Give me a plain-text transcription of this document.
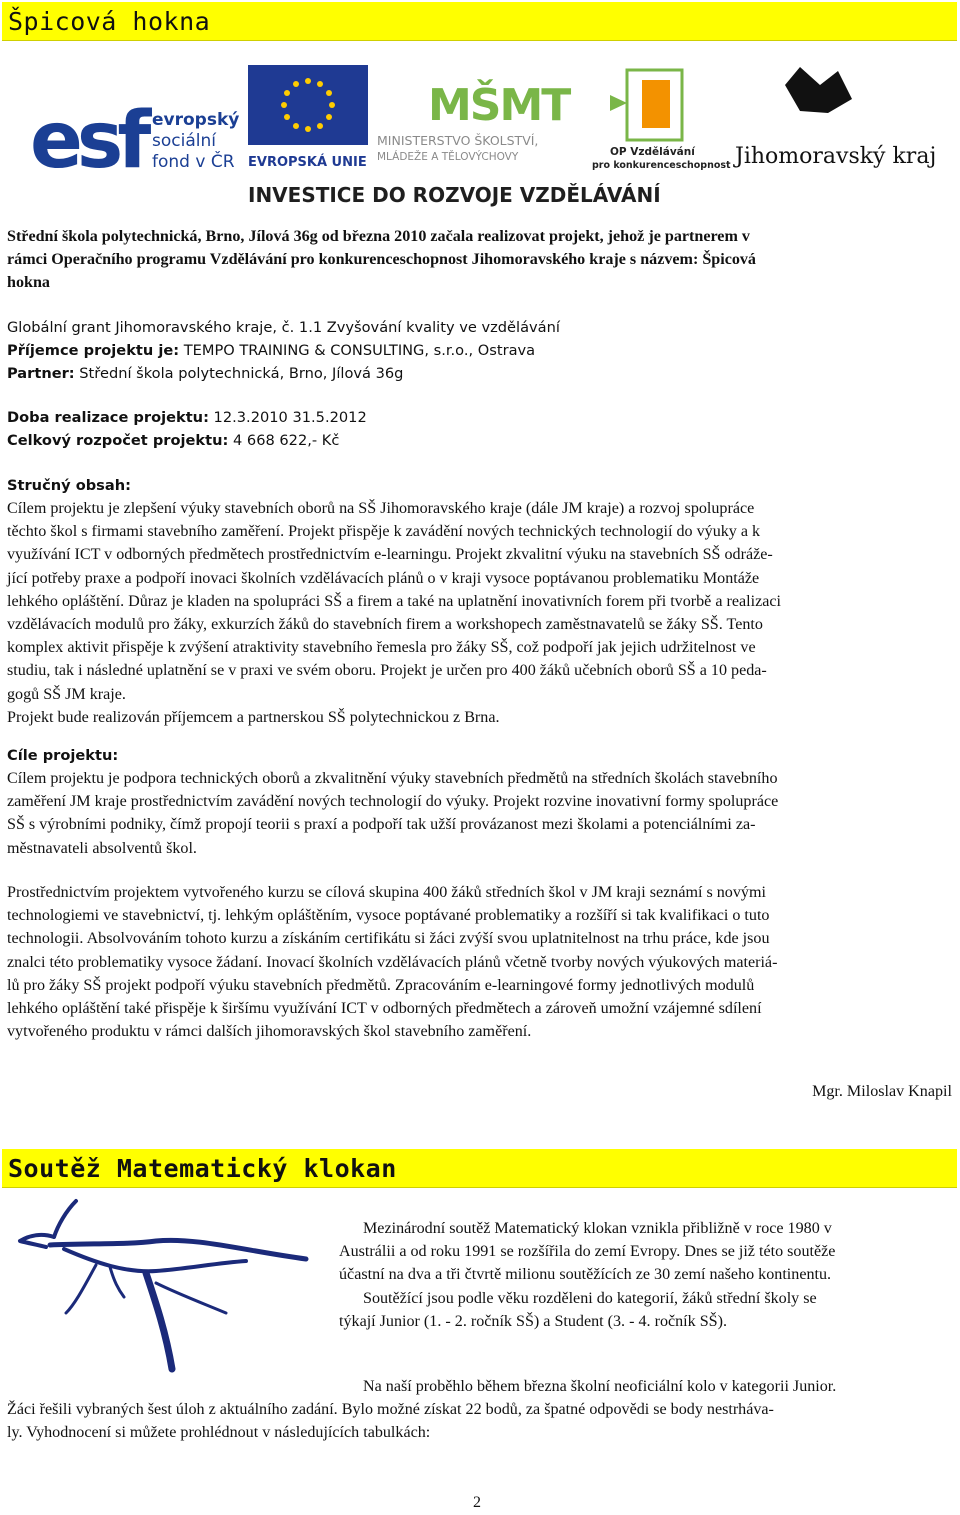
Špicová hokna
esf evropský
sociální
fond v ČR EVROPSKÁ UNIE
MŠMT
MINISTERSTVO ŠKOLSTVÍ,
MLÁDEŽE A TĚLOVÝCHOVY	OP Vzdělávání
pro konkurenceschopnost Jihomoravský kraj
INVESTICE DO ROZVOJE VZDĚLÁVÁNÍ
Střední škola polytechnická, Brno, Jílová 36g od března 2010 začala realizovat projekt, jehož je partnerem v
rámci Operačního programu Vzdělávání pro konkurenceschopnost Jihomoravského kraje s názvem: Špicová
hokna
Globální grant Jihomoravského kraje, č. 1.1 Zvyšování kvality ve vzdělávání
Příjemce projektu je: TEMPO TRAINING & CONSULTING, s.r.o., Ostrava
Partner: Střední škola polytechnická, Brno, Jílová 36g
Doba realizace projektu: 12.3.2010 31.5.2012
Celkový rozpočet projektu: 4 668 622,- Kč
Stručný obsah:
Cílem projektu je zlepšení výuky stavebních oborů na SŠ Jihomoravského kraje (dále JM kraje) a rozvoj spolupráce
těchto škol s firmami stavebního zaměření. Projekt přispěje k zavádění nových technických technologií do výuky a k
využívání ICT v odborných předmětech prostřednictvím e-learningu. Projekt zkvalitní výuku na stavebních SŠ odráže-
jící potřeby praxe a podpoří inovaci školních vzdělávacích plánů o v kraji vysoce poptávanou problematiku Montáže
lehkého opláštění. Důraz je kladen na spolupráci SŠ a firem a také na uplatnění inovativních forem při tvorbě a realizaci
vzdělávacích modulů pro žáky, exkurzích žáků do stavebních firem a workshopech zaměstnavatelů se žáky SŠ. Tento
komplex aktivit přispěje k zvýšení atraktivity stavebního řemesla pro žáky SŠ, což podpoří jak jejich udržitelnost ve
studiu, tak i následné uplatnění se v praxi ve svém oboru. Projekt je určen pro 400 žáků učebních oborů SŠ a 10 peda-
gogů SŠ JM kraje.
Projekt bude realizován příjemcem a partnerskou SŠ polytechnickou z Brna.
Cíle projektu:
Cílem projektu je podpora technických oborů a zkvalitnění výuky stavebních předmětů na středních školách stavebního
zaměření JM kraje prostřednictvím zavádění nových technologií do výuky. Projekt rozvine inovativní formy spolupráce
SŠ s výrobními podniky, čímž propojí teorii s praxí a podpoří tak užší provázanost mezi školami a potenciálními za-
městnavateli absolventů škol.
Prostřednictvím projektem vytvořeného kurzu se cílová skupina 400 žáků středních škol v JM kraji seznámí s novými
technologiemi ve stavebnictví, tj. lehkým opláštěním, vysoce poptávané problematiky a rozšíří si tak kvalifikaci o tuto
technologii. Absolvováním tohoto kurzu a získáním certifikátu si žáci zvýší svou uplatnitelnost na trhu práce, kde jsou
znalci této problematiky vysoce žádaní. Inovací školních vzdělávacích plánů včetně tvorby nových výukových materiá-
lů pro žáky SŠ projekt podpoří výuku stavebních předmětů. Zpracováním e-learningové formy jednotlivých modulů
lehkého opláštění také přispěje k širšímu využívání ICT v odborných předmětech a zároveň umožní vzájemné sdílení
vytvořeného produktu v rámci dalších jihomoravských škol stavebního zaměření.
Mgr. Miloslav Knapil
Soutěž Matematický klokan
Mezinárodní soutěž Matematický klokan vznikla přibližně v roce 1980 v
Austrálii a od roku 1991 se rozšířila do zemí Evropy. Dnes se již této soutěže
účastní na dva a tři čtvrtě milionu soutěžících ze 30 zemí našeho kontinentu.
Soutěžící jsou podle věku rozděleni do kategorií, žáků střední školy se
týkají Junior (1. - 2. ročník SŠ) a Student (3. - 4. ročník SŠ).
Na naší proběhlo během března školní neoficiální kolo v kategorii Junior.
Žáci řešili vybraných šest úloh z aktuálního zadání. Bylo možné získat 22 bodů, za špatné odpovědi se body nestrháva-
ly. Vyhodnocení si můžete prohlédnout v následujících tabulkách:
2
